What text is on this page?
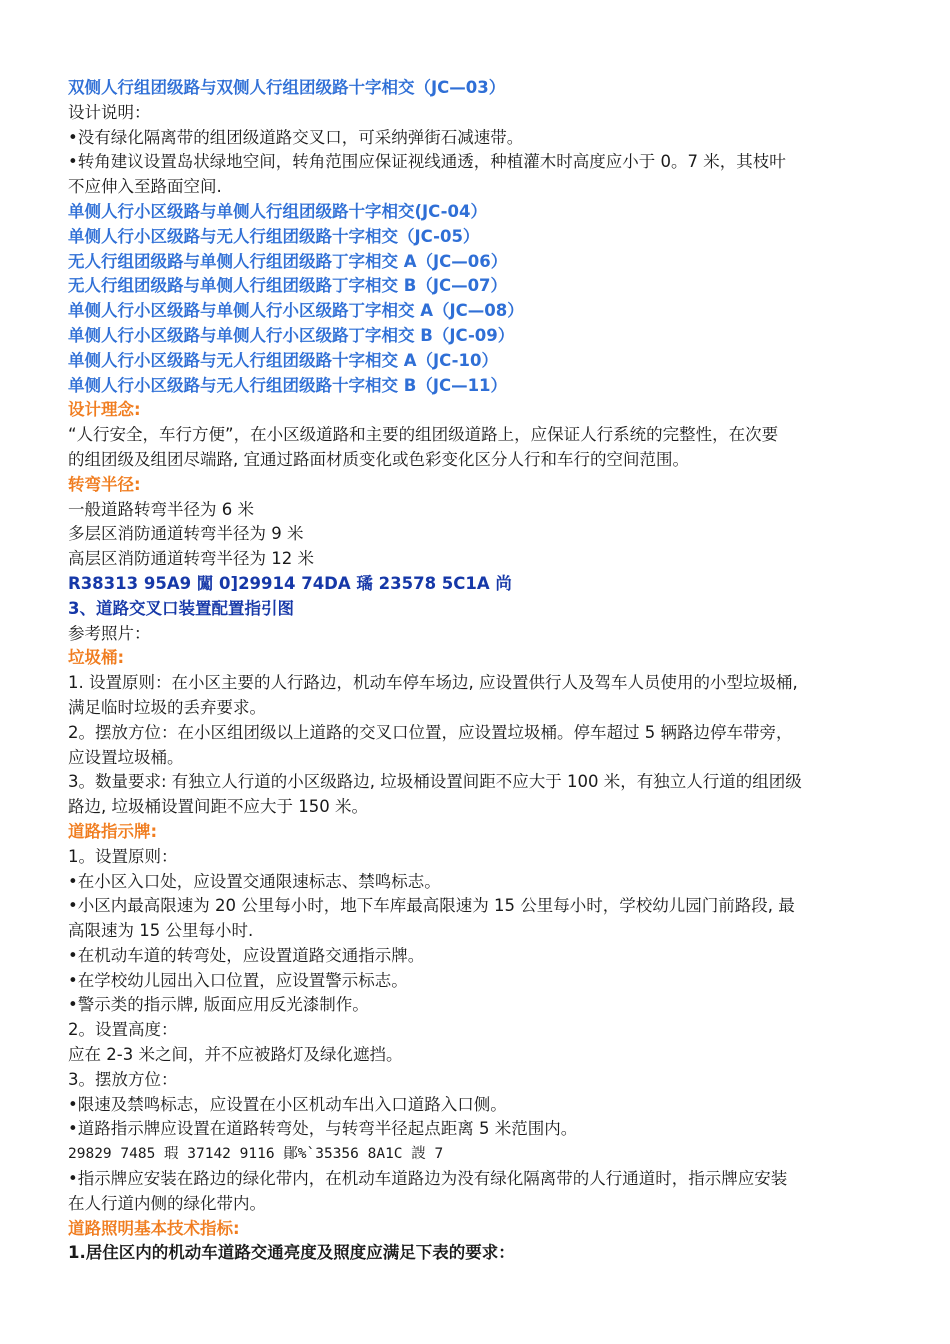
双侧人行组团级路与双侧人行组团级路十字相交（JC—03）
设计说明：
•没有绿化隔离带的组团级道路交叉口，可采纳弹街石减速带。
•转角建议设置岛状绿地空间，转角范围应保证视线通透，种植灌木时高度应小于 0。7 米，其枝叶
不应伸入至路面空间.
单侧人行小区级路与单侧人行组团级路十字相交(JC-04）
单侧人行小区级路与无人行组团级路十字相交（JC-05）
无人行组团级路与单侧人行组团级路丁字相交 A（JC—06）
无人行组团级路与单侧人行组团级路丁字相交 B（JC—07）
单侧人行小区级路与单侧人行小区级路丁字相交 A（JC—08）
单侧人行小区级路与单侧人行小区级路丁字相交 B（JC-09）
单侧人行小区级路与无人行组团级路十字相交 A（JC-10）
单侧人行小区级路与无人行组团级路十字相交 B（JC—11）
设计理念:
“人行安全，车行方便”，在小区级道路和主要的组团级道路上，应保证人行系统的完整性，在次要
的组团级及组团尽端路, 宜通过路面材质变化或色彩变化区分人行和车行的空间范围。
转弯半径:
一般道路转弯半径为 6 米
多层区消防通道转弯半径为 9 米
高层区消防通道转弯半径为 12 米
R38313 95A9 闖 0]29914 74DA 璚 23578 5C1A 尚
3、道路交叉口装置配置指引图
参考照片：
垃圾桶:
1. 设置原则：在小区主要的人行路边，机动车停车场边, 应设置供行人及驾车人员使用的小型垃圾桶,
满足临时垃圾的丢弃要求。
2。摆放方位：在小区组团级以上道路的交叉口位置，应设置垃圾桶。停车超过 5 辆路边停车带旁，
应设置垃圾桶。
3。数量要求: 有独立人行道的小区级路边, 垃圾桶设置间距不应大于 100 米，有独立人行道的组团级
路边, 垃圾桶设置间距不应大于 150 米。
道路指示牌:
1。设置原则：
•在小区入口处，应设置交通限速标志、禁鸣标志。
•小区内最高限速为 20 公里每小时，地下车库最高限速为 15 公里每小时，学校幼儿园门前路段, 最
高限速为 15 公里每小时.
•在机动车道的转弯处，应设置道路交通指示牌。
•在学校幼儿园出入口位置，应设置警示标志。
•警示类的指示牌, 版面应用反光漆制作。
2。设置高度：
应在 2-3 米之间，并不应被路灯及绿化遮挡。
3。摆放方位：
•限速及禁鸣标志，应设置在小区机动车出入口道路入口侧。
•道路指示牌应设置在道路转弯处，与转弯半径起点距离 5 米范围内。
29829 7485 瑕 37142 9116 鄖%`35356 8A1C 詜 7
•指示牌应安装在路边的绿化带内，在机动车道路边为没有绿化隔离带的人行通道时，指示牌应安装
在人行道内侧的绿化带内。
道路照明基本技术指标:
1.居住区内的机动车道路交通亮度及照度应满足下表的要求：
